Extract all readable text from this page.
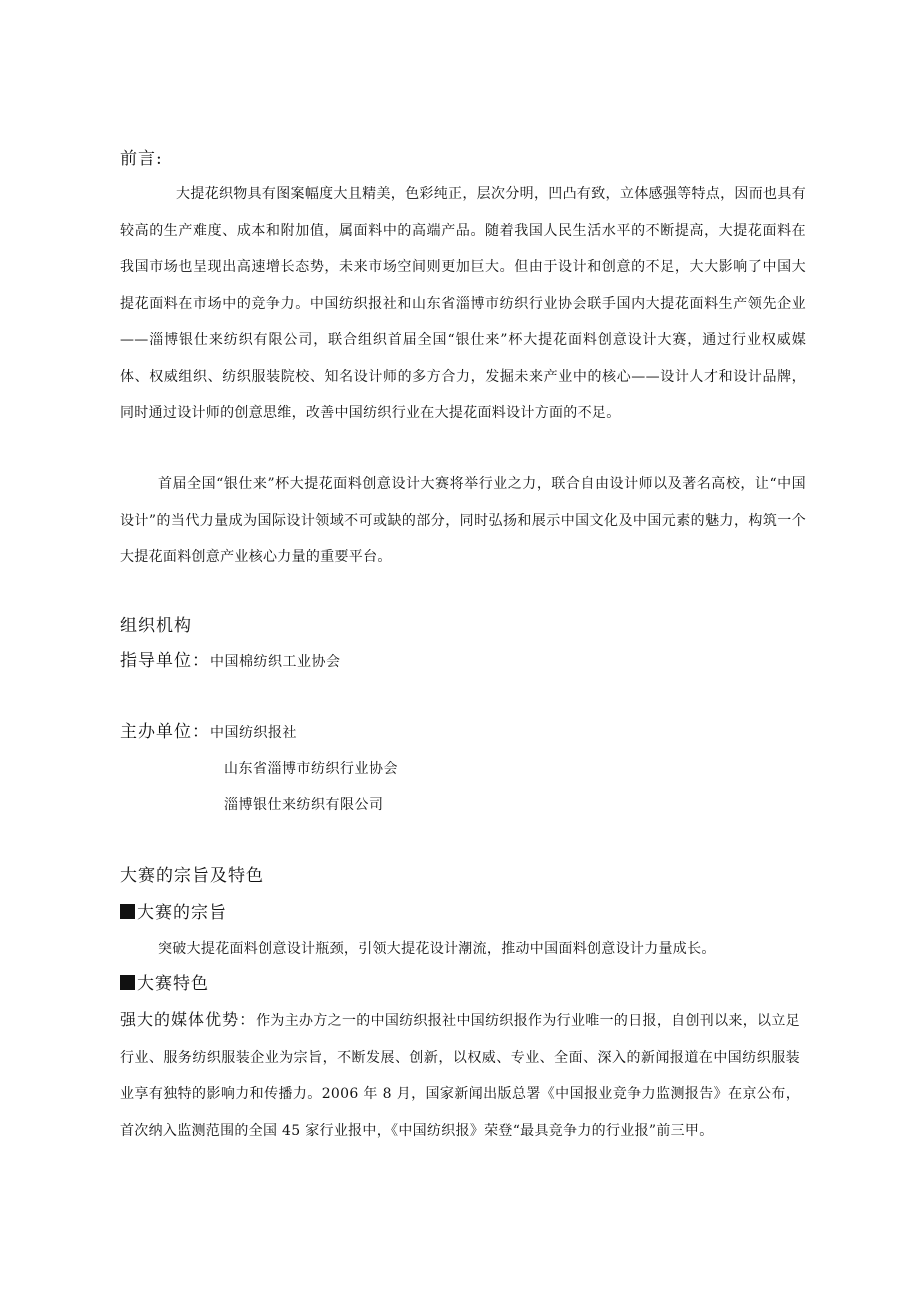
前言:

大提花织物具有图案幅度大且精美，色彩纯正，层次分明，凹凸有致，立体感强等特点，因而也具有较高的生产难度、成本和附加值，属面料中的高端产品。随着我国人民生活水平的不断提高，大提花面料在我国市场也呈现出高速增长态势，未来市场空间则更加巨大。但由于设计和创意的不足，大大影响了中国大提花面料在市场中的竞争力。中国纺织报社和山东省淄博市纺织行业协会联手国内大提花面料生产领先企业——淄博银仕来纺织有限公司，联合组织首届全国“银仕来”杯大提花面料创意设计大赛，通过行业权威媒体、权威组织、纺织服装院校、知名设计师的多方合力，发掘未来产业中的核心——设计人才和设计品牌，同时通过设计师的创意思维，改善中国纺织行业在大提花面料设计方面的不足。

首届全国“银仕来”杯大提花面料创意设计大赛将举行业之力，联合自由设计师以及著名高校，让“中国设计”的当代力量成为国际设计领域不可或缺的部分，同时弘扬和展示中国文化及中国元素的魅力，构筑一个大提花面料创意产业核心力量的重要平台。

组织机构
指导单位：中国棉纺织工业协会
主办单位：中国纺织报社
山东省淄博市纺织行业协会
淄博银仕来纺织有限公司
大赛的宗旨及特色
大赛的宗旨
突破大提花面料创意设计瓶颈，引领大提花设计潮流，推动中国面料创意设计力量成长。
大赛特色

强大的媒体优势：作为主办方之一的中国纺织报社中国纺织报作为行业唯一的日报，自创刊以来，以立足行业、服务纺织服装企业为宗旨，不断发展、创新，以权威、专业、全面、深入的新闻报道在中国纺织服装业享有独特的影响力和传播力。2006 年 8 月，国家新闻出版总署《中国报业竞争力监测报告》在京公布，首次纳入监测范围的全国 45 家行业报中，《中国纺织报》荣登“最具竞争力的行业报”前三甲。
